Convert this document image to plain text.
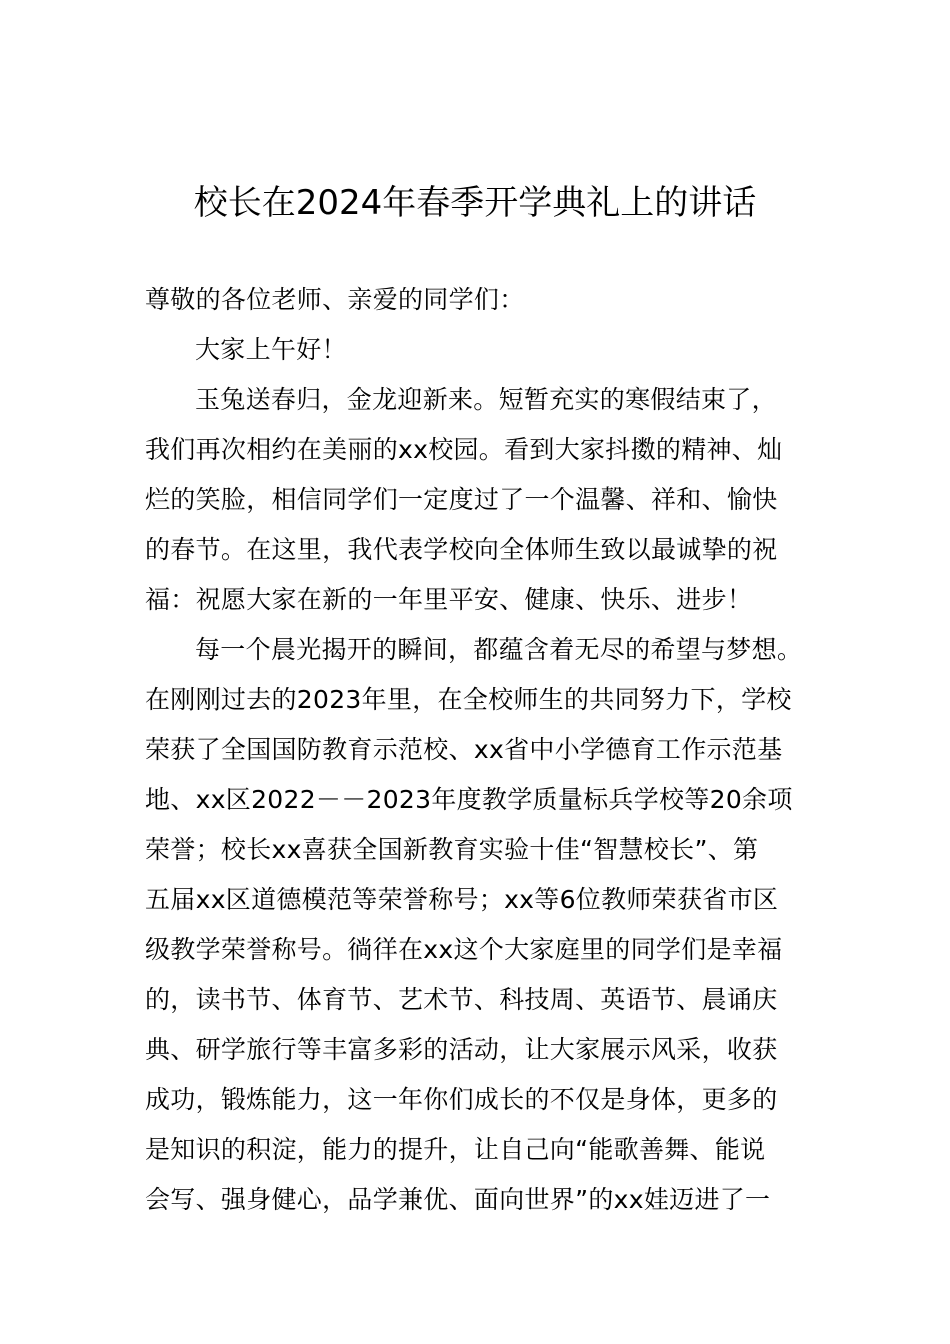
校长在2024年春季开学典礼上的讲话
尊敬的各位老师、亲爱的同学们：
大家上午好！
玉兔送春归，金龙迎新来。短暂充实的寒假结束了，
我们再次相约在美丽的xx校园。看到大家抖擞的精神、灿
烂的笑脸，相信同学们一定度过了一个温馨、祥和、愉快
的春节。在这里，我代表学校向全体师生致以最诚挚的祝
福：祝愿大家在新的一年里平安、健康、快乐、进步！
每一个晨光揭开的瞬间，都蕴含着无尽的希望与梦想。
在刚刚过去的2023年里，在全校师生的共同努力下，学校
荣获了全国国防教育示范校、xx省中小学德育工作示范基
地、xx区2022－－2023年度教学质量标兵学校等20余项
荣誉；校长xx喜获全国新教育实验十佳“智慧校长”、第
五届xx区道德模范等荣誉称号；xx等6位教师荣获省市区
级教学荣誉称号。徜徉在xx这个大家庭里的同学们是幸福
的，读书节、体育节、艺术节、科技周、英语节、晨诵庆
典、研学旅行等丰富多彩的活动，让大家展示风采，收获
成功，锻炼能力，这一年你们成长的不仅是身体，更多的
是知识的积淀，能力的提升，让自己向“能歌善舞、能说
会写、强身健心，品学兼优、面向世界”的xx娃迈进了一
